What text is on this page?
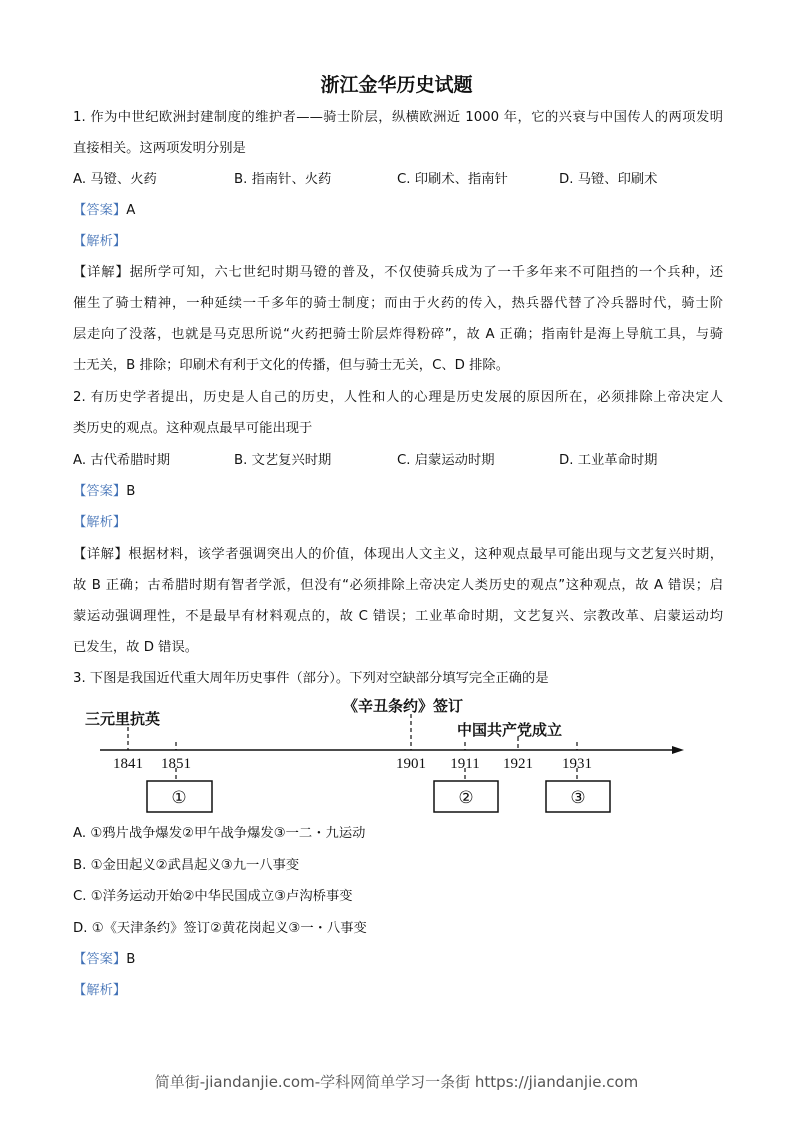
浙江金华历史试题
1. 作为中世纪欧洲封建制度的维护者——骑士阶层，纵横欧洲近 1000 年，它的兴衰与中国传人的两项发明
直接相关。这两项发明分别是
A. 马镫、火药	B. 指南针、火药	C. 印刷术、指南针	D. 马镫、印刷术
【答案】A
【解析】
【详解】据所学可知，六七世纪时期马镫的普及，不仅使骑兵成为了一千多年来不可阻挡的一个兵种，还
催生了骑士精神，一种延续一千多年的骑士制度；而由于火药的传入，热兵器代替了冷兵器时代，骑士阶
层走向了没落，也就是马克思所说“火药把骑士阶层炸得粉碎”，故 A 正确；指南针是海上导航工具，与骑
士无关，B 排除；印刷术有利于文化的传播，但与骑士无关，C、D 排除。
2. 有历史学者提出，历史是人自己的历史，人性和人的心理是历史发展的原因所在，必须排除上帝决定人
类历史的观点。这种观点最早可能出现于
A. 古代希腊时期	B. 文艺复兴时期	C. 启蒙运动时期	D. 工业革命时期
【答案】B
【解析】
【详解】根据材料，该学者强调突出人的价值，体现出人文主义，这种观点最早可能出现与文艺复兴时期，
故 B 正确；古希腊时期有智者学派，但没有“必须排除上帝决定人类历史的观点”这种观点，故 A 错误；启
蒙运动强调理性，不是最早有材料观点的，故 C 错误；工业革命时期，文艺复兴、宗教改革、启蒙运动均
已发生，故 D 错误。
3. 下图是我国近代重大周年历史事件（部分）。下列对空缺部分填写完全正确的是
1841 1851	1901 1911 1921 1931
三元里抗英
《辛丑条约》签订
中国共产党成立
①	②	③
A. ①鸦片战争爆发②甲午战争爆发③一二・九运动
B. ①金田起义②武昌起义③九一八事变
C. ①洋务运动开始②中华民国成立③卢沟桥事变
D. ①《天津条约》签订②黄花岗起义③一・八事变
【答案】B
【解析】
简单街-jiandanjie.com-学科网简单学习一条街 https://jiandanjie.com
